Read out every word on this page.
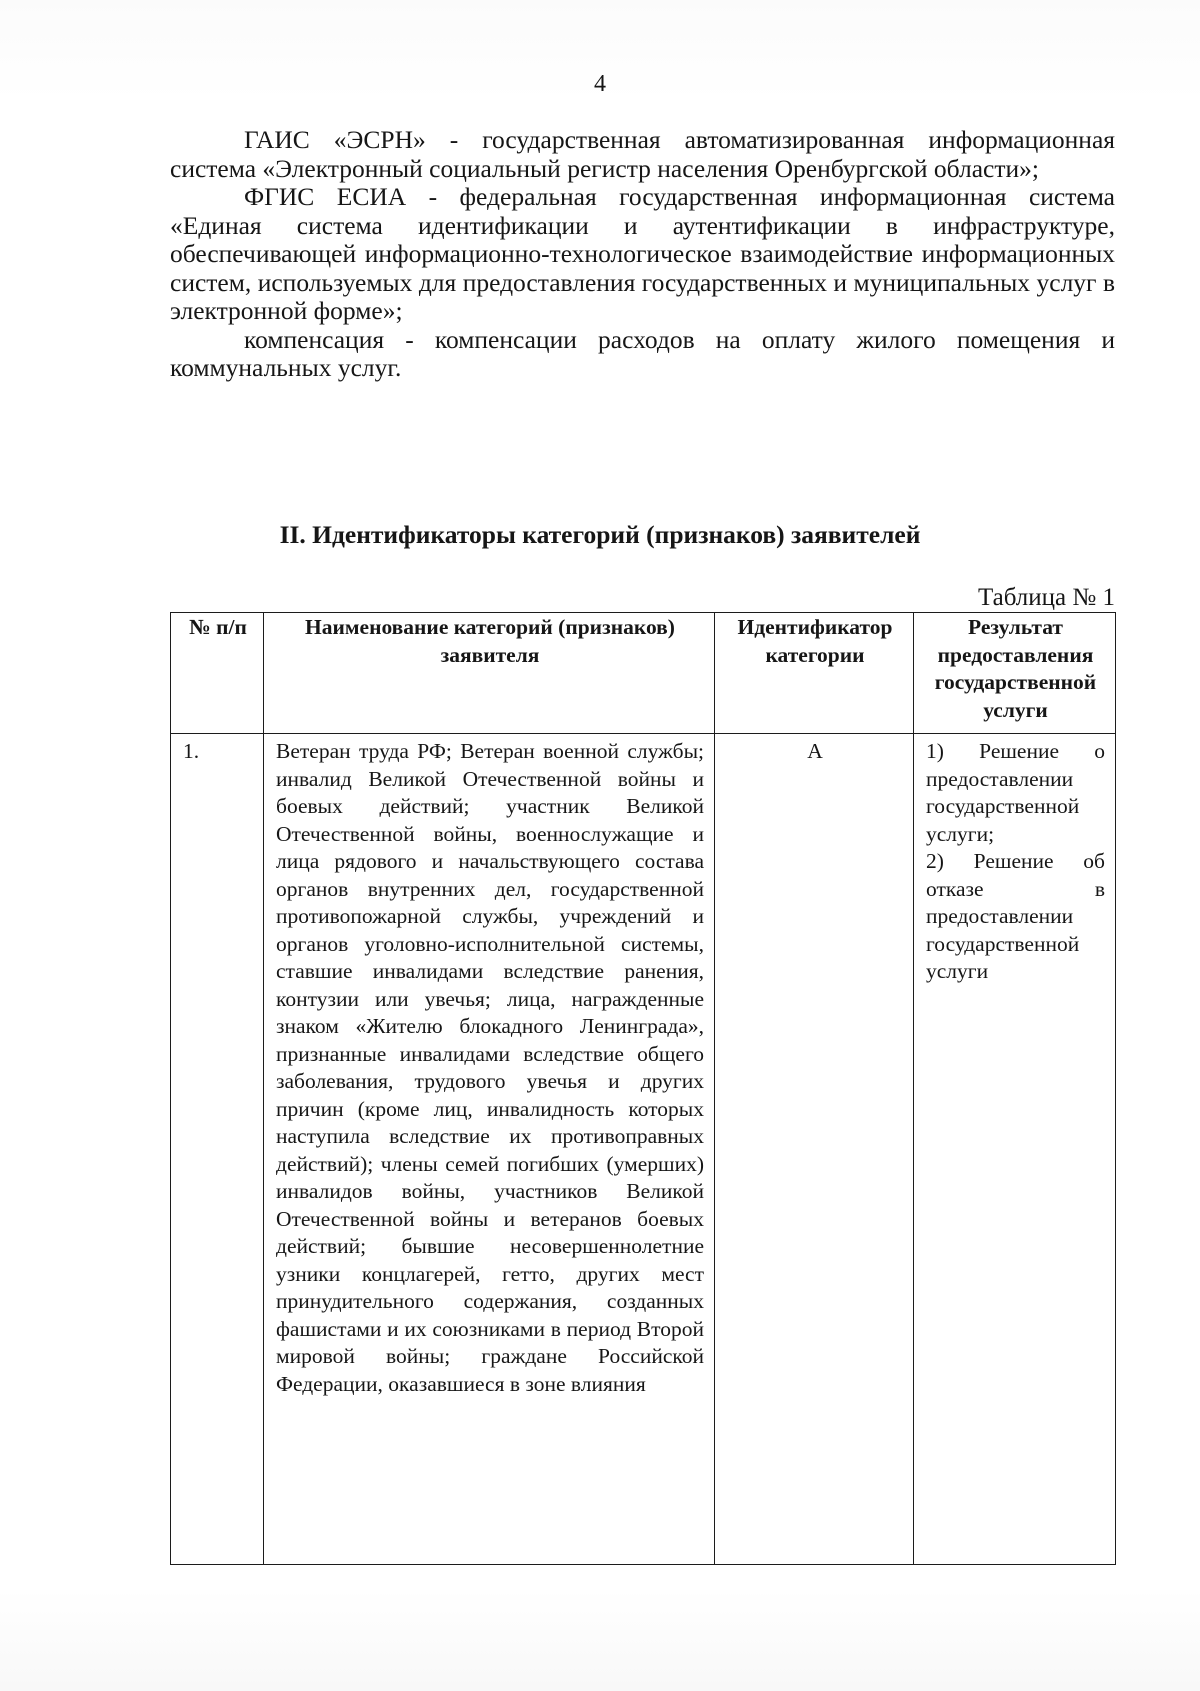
4

ГАИС «ЭСРН» - государственная автоматизированная информационная система «Электронный социальный регистр населения Оренбургской области»;

ФГИС ЕСИА - федеральная государственная информационная система «Единая система идентификации и аутентификации в инфраструктуре, обеспечивающей информационно-технологическое взаимодействие информационных систем, используемых для предоставления государственных и муниципальных услуг в электронной форме»;

компенсация - компенсации расходов на оплату жилого помещения и коммунальных услуг.

II. Идентификаторы категорий (признаков) заявителей
Таблица № 1
№ п/п	Наименование категорий (признаков) заявителя	Идентификатор категории	Результат предоставления государственной услуги
1.	Ветеран труда РФ; Ветеран военной службы; инвалид Великой Отечественной войны и боевых действий; участник Великой Отечественной войны, военнослужащие и лица рядового и начальствующего состава органов внутренних дел, государственной противопожарной службы, учреждений и органов уголовно-исполнительной системы, ставшие инвалидами вследствие ранения, контузии или увечья; лица, награжденные знаком «Жителю блокадного Ленинграда», признанные инвалидами вследствие общего заболевания, трудового увечья и других причин (кроме лиц, инвалидность которых наступила вследствие их противоправных действий); члены семей погибших (умерших) инвалидов войны, участников Великой Отечественной войны и ветеранов боевых действий; бывшие несовершеннолетние узники концлагерей, гетто, других мест принудительного содержания, созданных фашистами и их союзниками в период Второй мировой войны; граждане Российской Федерации, оказавшиеся в зоне влияния	А	1) Решение о предоставлении государственной услуги;
2) Решение об отказе в предоставлении государственной услуги
